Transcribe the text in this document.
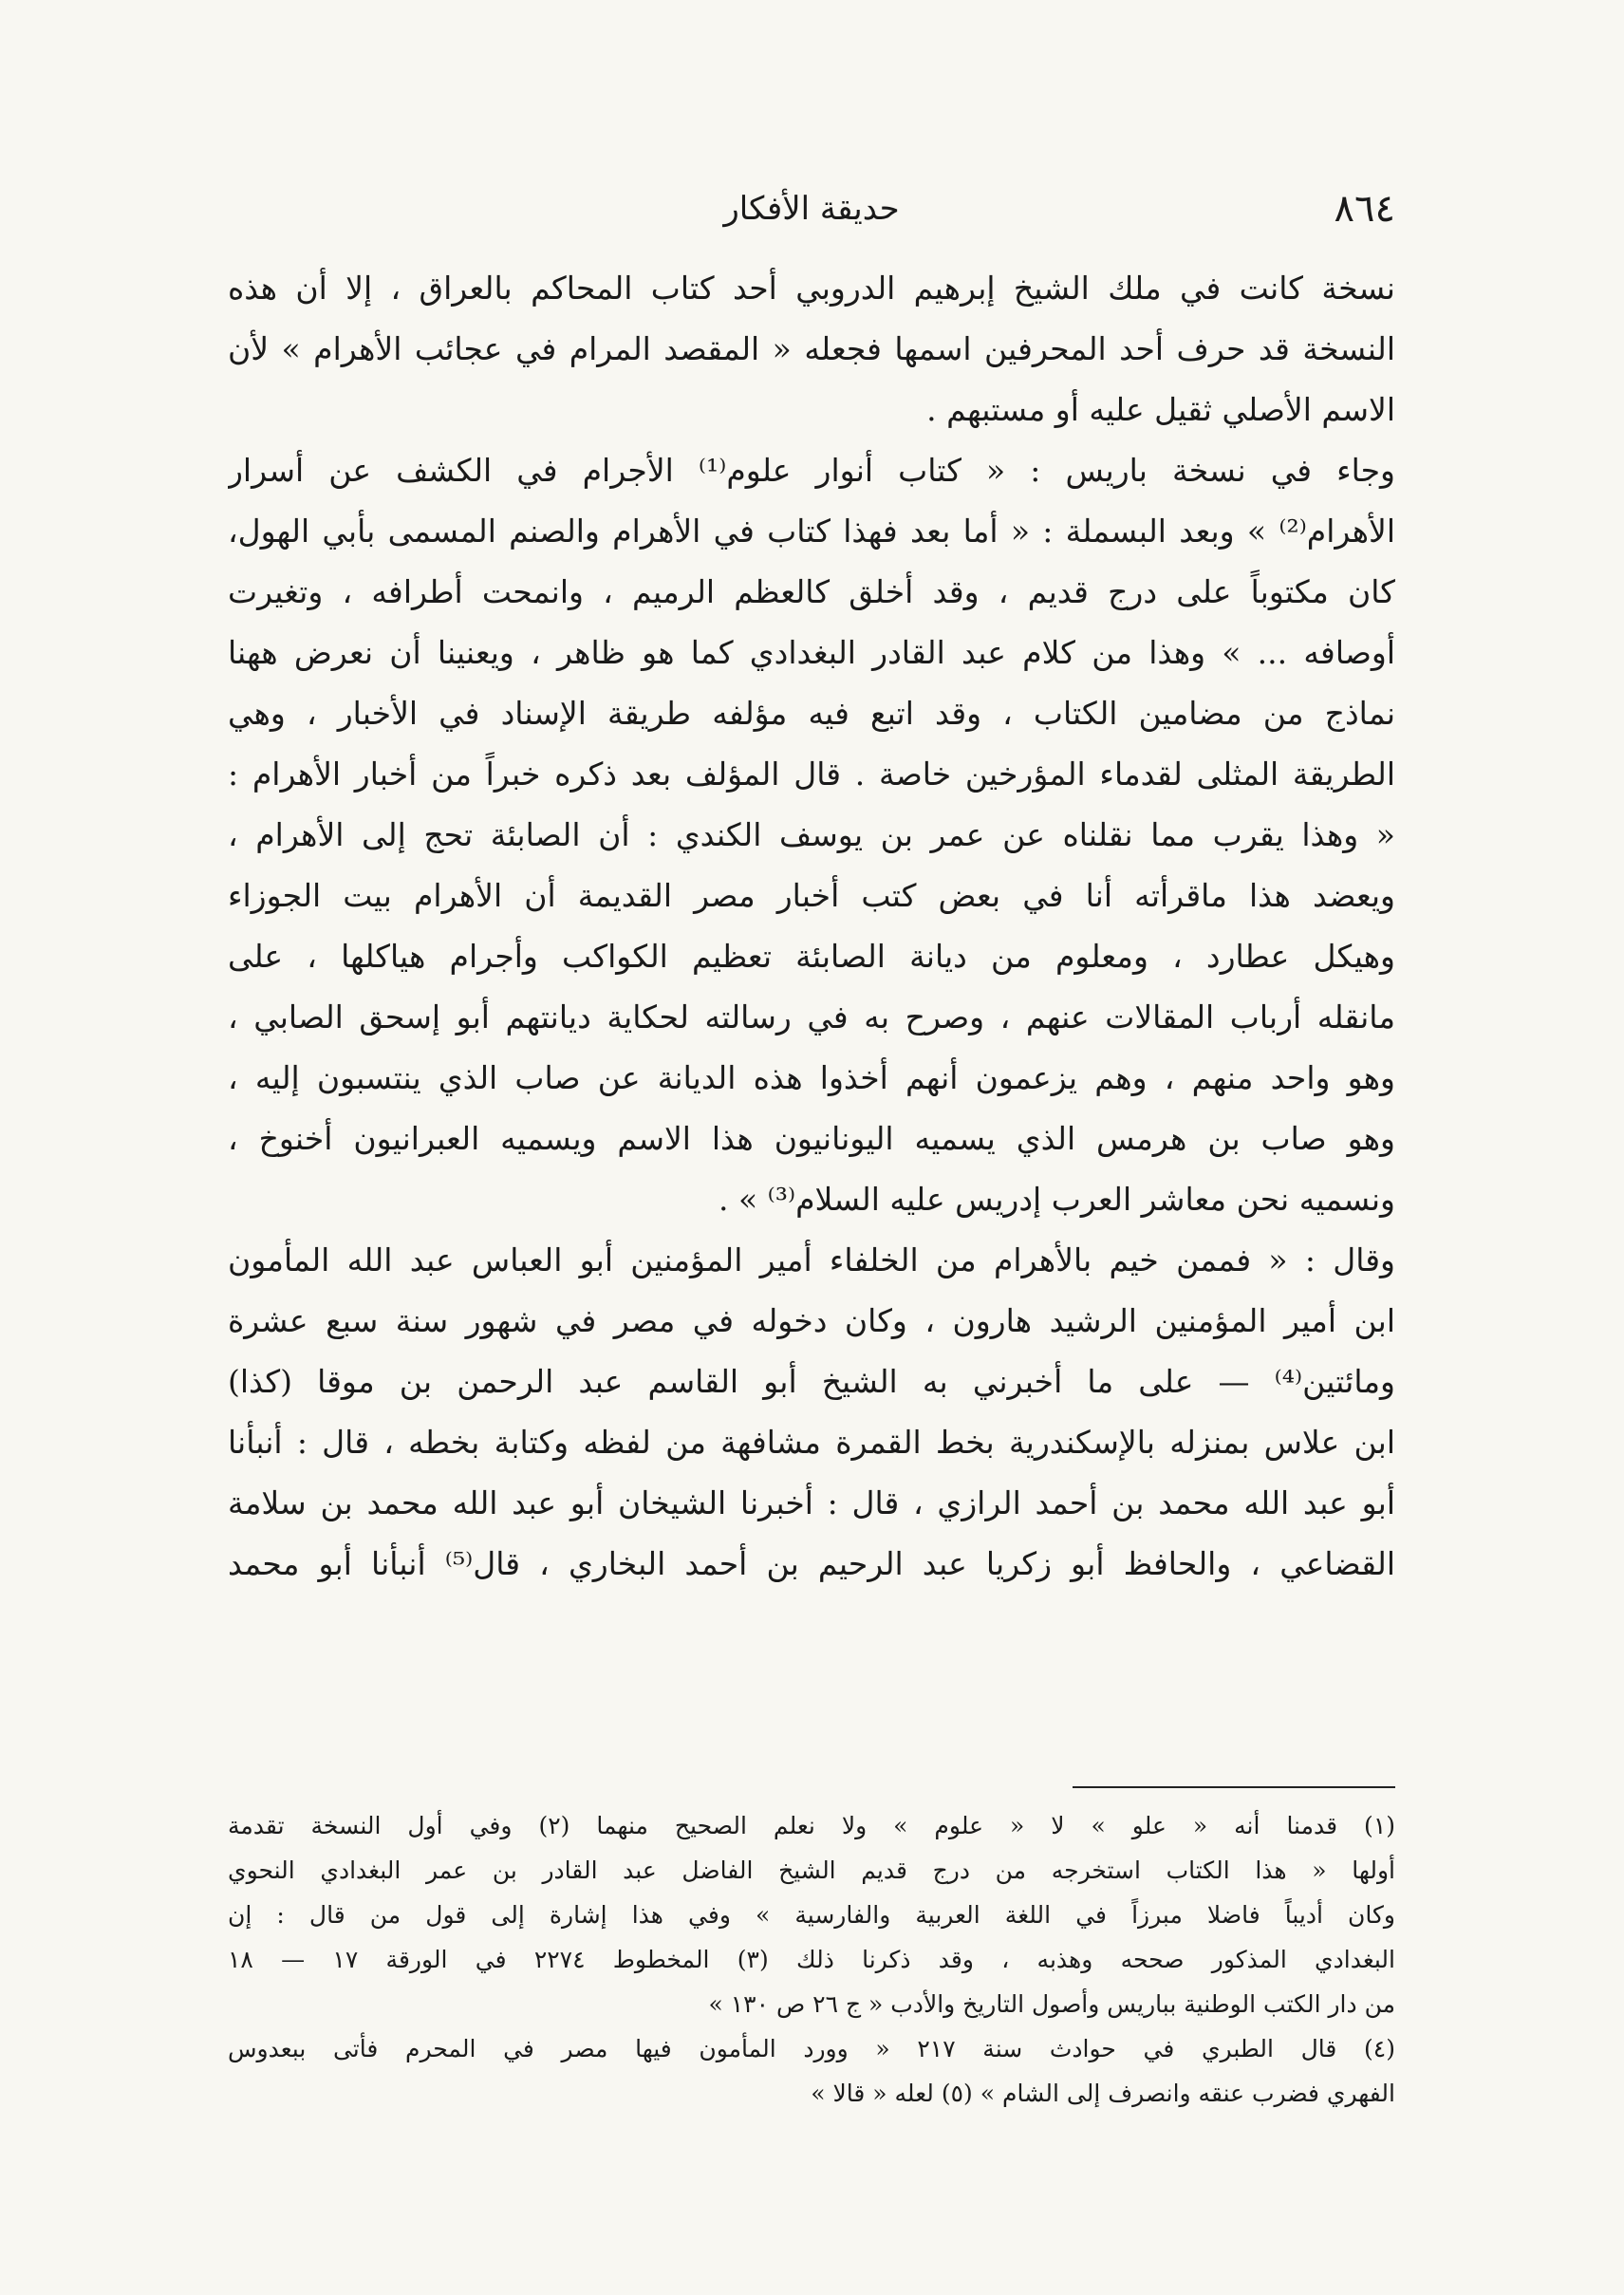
٨٦٤
حديقة الأفكار
نسخة كانت في ملك الشيخ إبرهيم الدروبي أحد كتاب المحاكم بالعراق ، إلا أن هذه
النسخة قد حرف أحد المحرفين اسمها فجعله « المقصد المرام في عجائب الأهرام » لأن
الاسم الأصلي ثقيل عليه أو مستبهم .
وجاء في نسخة باريس : « كتاب أنوار علوم⁽¹⁾ الأجرام في الكشف عن أسرار
الأهرام⁽²⁾ » وبعد البسملة : « أما بعد فهذا كتاب في الأهرام والصنم المسمى بأبي الهول،
كان مكتوباً على درج قديم ، وقد أخلق كالعظم الرميم ، وانمحت أطرافه ، وتغيرت
أوصافه ... » وهذا من كلام عبد القادر البغدادي كما هو ظاهر ، ويعنينا أن نعرض ههنا
نماذج من مضامين الكتاب ، وقد اتبع فيه مؤلفه طريقة الإسناد في الأخبار ، وهي
الطريقة المثلى لقدماء المؤرخين خاصة . قال المؤلف بعد ذكره خبراً من أخبار الأهرام :
« وهذا يقرب مما نقلناه عن عمر بن يوسف الكندي : أن الصابئة تحج إلى الأهرام ،
ويعضد هذا ماقرأته أنا في بعض كتب أخبار مصر القديمة أن الأهرام بيت الجوزاء
وهيكل عطارد ، ومعلوم من ديانة الصابئة تعظيم الكواكب وأجرام هياكلها ، على
مانقله أرباب المقالات عنهم ، وصرح به في رسالته لحكاية ديانتهم أبو إسحق الصابي ،
وهو واحد منهم ، وهم يزعمون أنهم أخذوا هذه الديانة عن صاب الذي ينتسبون إليه ،
وهو صاب بن هرمس الذي يسميه اليونانيون هذا الاسم ويسميه العبرانيون أخنوخ ،
ونسميه نحن معاشر العرب إدريس عليه السلام⁽³⁾ » .
وقال : « فممن خيم بالأهرام من الخلفاء أمير المؤمنين أبو العباس عبد الله المأمون
ابن أمير المؤمنين الرشيد هارون ، وكان دخوله في مصر في شهور سنة سبع عشرة
ومائتين⁽⁴⁾ — على ما أخبرني به الشيخ أبو القاسم عبد الرحمن بن موقا (كذا)
ابن علاس بمنزله بالإسكندرية بخط القمرة مشافهة من لفظه وكتابة بخطه ، قال : أنبأنا
أبو عبد الله محمد بن أحمد الرازي ، قال : أخبرنا الشيخان أبو عبد الله محمد بن سلامة
القضاعي ، والحافظ أبو زكريا عبد الرحيم بن أحمد البخاري ، قال⁽⁵⁾ أنبأنا أبو محمد
(١) قدمنا أنه « علو » لا « علوم » ولا نعلم الصحيح منهما (٢) وفي أول النسخة تقدمة
أولها « هذا الكتاب استخرجه من درج قديم الشيخ الفاضل عبد القادر بن عمر البغدادي النحوي
وكان أديباً فاضلا مبرزاً في اللغة العربية والفارسية » وفي هذا إشارة إلى قول من قال : إن
البغدادي المذكور صححه وهذبه ، وقد ذكرنا ذلك (٣) المخطوط ٢٢٧٤ في الورقة ١٧ — ١٨
من دار الكتب الوطنية بباريس وأصول التاريخ والأدب « ج ٢٦ ص ١٣٠ »
(٤) قال الطبري في حوادث سنة ٢١٧ « وورد المأمون فيها مصر في المحرم فأتى ببعدوس
الفهري فضرب عنقه وانصرف إلى الشام » (٥) لعله « قالا »
